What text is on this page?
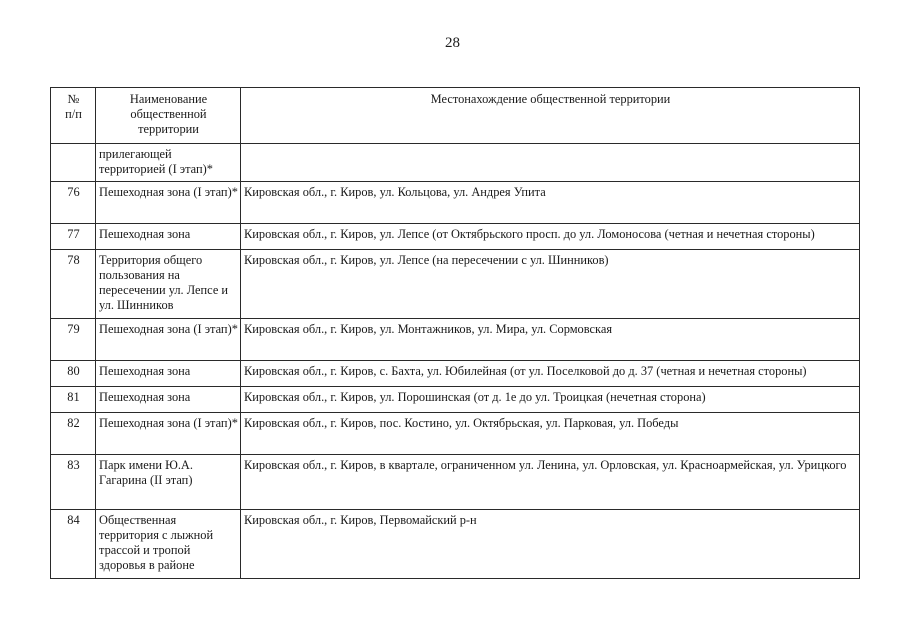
28
№
п/п	Наименование общественной территории	Местонахождение общественной территории
	прилегающей территорией (I этап)*	
76	Пешеходная зона (I этап)*	Кировская обл., г. Киров, ул. Кольцова, ул. Андрея Упита
77	Пешеходная зона	Кировская обл., г. Киров, ул. Лепсе (от Октябрьского просп. до ул. Ломоносова (четная и нечетная стороны)
78	Территория общего пользования на пересечении ул. Лепсе и ул. Шинников	Кировская обл., г. Киров, ул. Лепсе (на пересечении с ул. Шинников)
79	Пешеходная зона (I этап)*	Кировская обл., г. Киров, ул. Монтажников, ул. Мира, ул. Сормовская
80	Пешеходная зона	Кировская обл., г. Киров, с. Бахта, ул. Юбилейная (от ул. Поселковой до д. 37 (четная и нечетная стороны)
81	Пешеходная зона	Кировская обл., г. Киров, ул. Порошинская (от д. 1е до ул. Троицкая (нечетная сторона)
82	Пешеходная зона (I этап)*	Кировская обл., г. Киров, пос. Костино, ул. Октябрьская, ул. Парковая, ул. Победы
83	Парк имени Ю.А. Гагарина (II этап)	Кировская обл., г. Киров, в квартале, ограниченном ул. Ленина, ул. Орловская, ул. Красноармейская, ул. Урицкого
84	Общественная территория с лыжной трассой и тропой здоровья в районе	Кировская обл., г. Киров, Первомайский р-н
